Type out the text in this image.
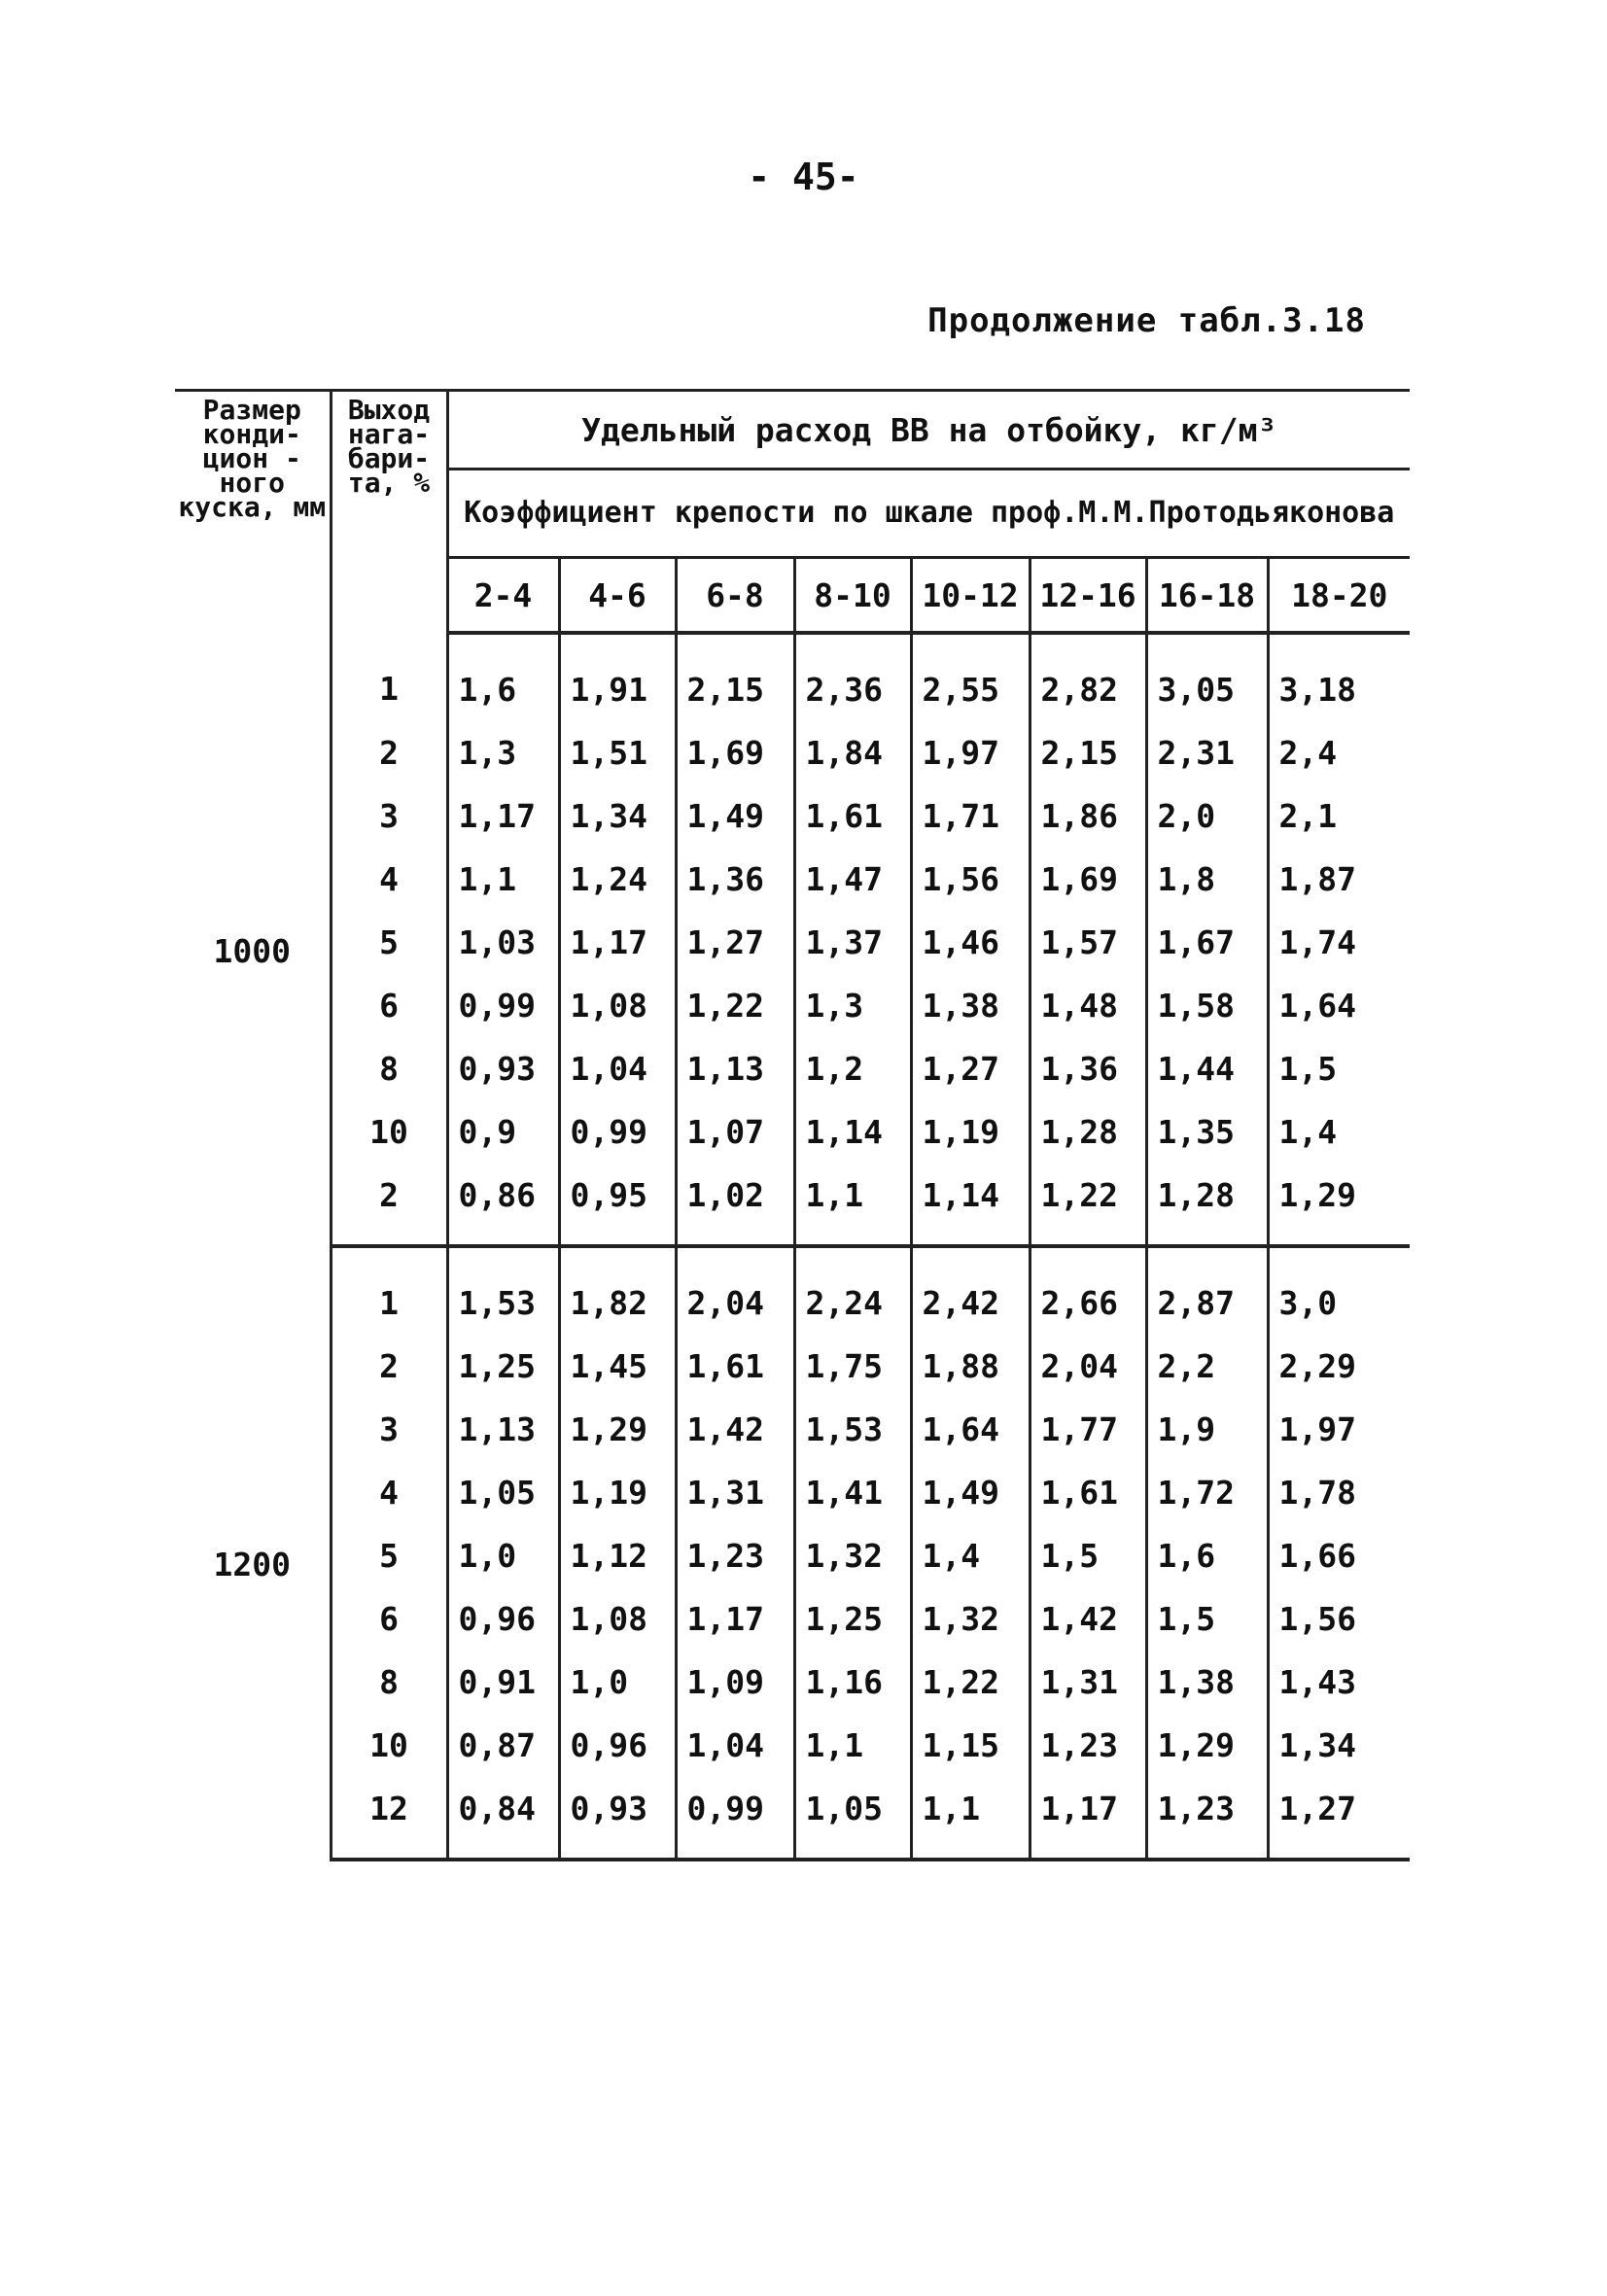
- 45-
Продолжение табл.3.18
Размер конди- цион - ного куска, мм	Выход нага- бари- та, %	Удельный расход ВВ на отбойку, кг/м³							
		Коэффициент крепости по шкале проф.М.М.Протодьяконова							
		2-4	4-6	6-8	8-10	10-12	12-16	16-18	18-20
1000	1	1,6	1,91	2,15	2,36	2,55	2,82	3,05	3,18
	2	1,3	1,51	1,69	1,84	1,97	2,15	2,31	2,4
	3	1,17	1,34	1,49	1,61	1,71	1,86	2,0	2,1
	4	1,1	1,24	1,36	1,47	1,56	1,69	1,8	1,87
	5	1,03	1,17	1,27	1,37	1,46	1,57	1,67	1,74
	6	0,99	1,08	1,22	1,3	1,38	1,48	1,58	1,64
	8	0,93	1,04	1,13	1,2	1,27	1,36	1,44	1,5
	10	0,9	0,99	1,07	1,14	1,19	1,28	1,35	1,4
	2	0,86	0,95	1,02	1,1	1,14	1,22	1,28	1,29
1200	1	1,53	1,82	2,04	2,24	2,42	2,66	2,87	3,0
	2	1,25	1,45	1,61	1,75	1,88	2,04	2,2	2,29
	3	1,13	1,29	1,42	1,53	1,64	1,77	1,9	1,97
	4	1,05	1,19	1,31	1,41	1,49	1,61	1,72	1,78
	5	1,0	1,12	1,23	1,32	1,4	1,5	1,6	1,66
	6	0,96	1,08	1,17	1,25	1,32	1,42	1,5	1,56
	8	0,91	1,0	1,09	1,16	1,22	1,31	1,38	1,43
	10	0,87	0,96	1,04	1,1	1,15	1,23	1,29	1,34
	12	0,84	0,93	0,99	1,05	1,1	1,17	1,23	1,27
